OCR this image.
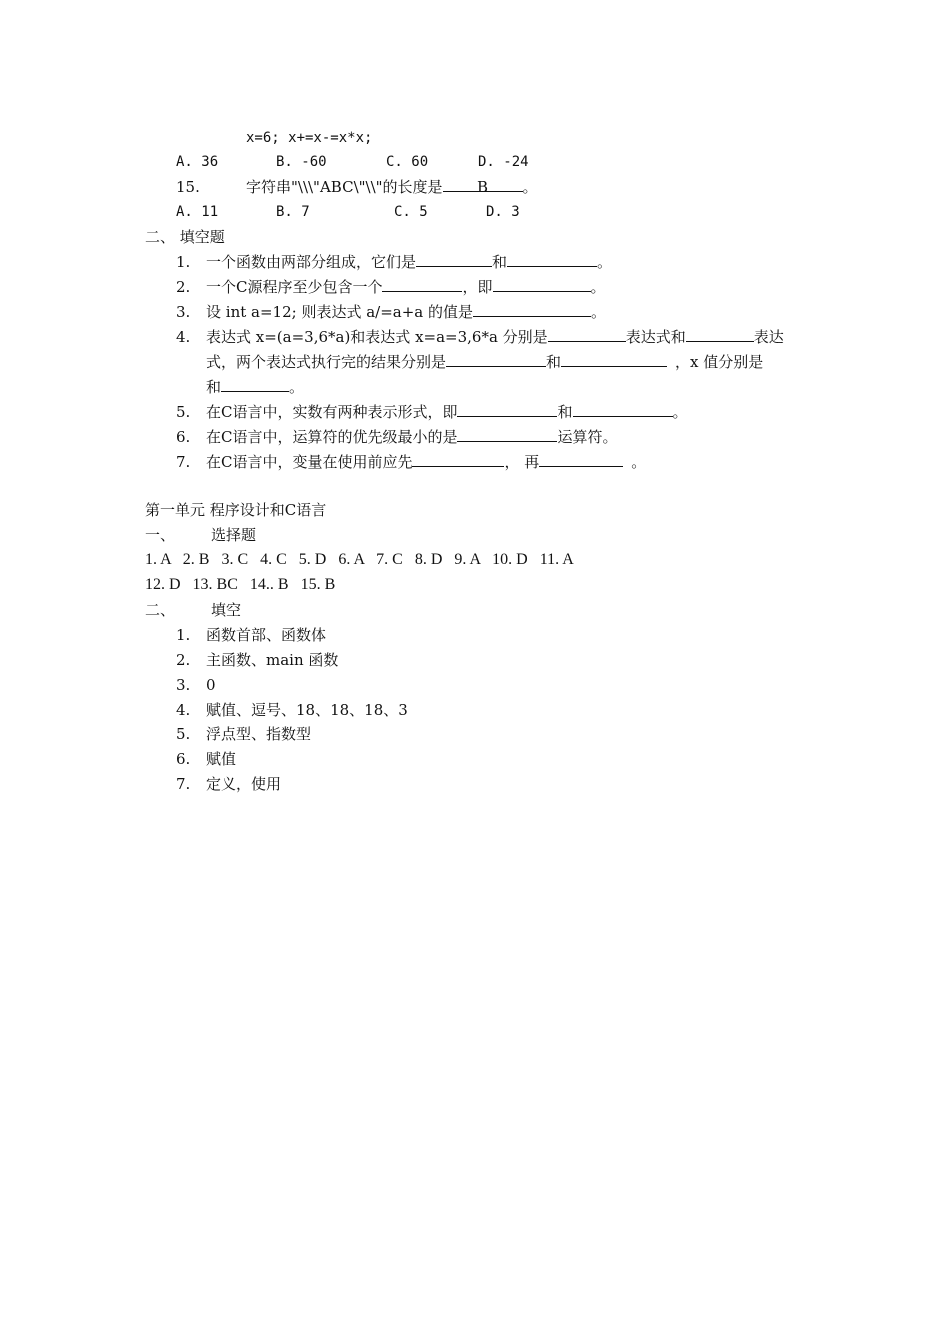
x=6; x+=x-=x*x;
A. 36	B. -60	C. 60	D. -24
15.	字符串"\\\"ABC\"\\"的长度是 B 。
A. 11	B. 7	C. 5	D. 3
二、 填空题
1. 一个函数由两部分组成，它们是	和	。
2. 一个C源程序至少包含一个	，即	。
3. 设 int a=12; 则表达式 a/=a+a 的值是	。
4. 表达式 x=(a=3,6*a)和表达式 x=a=3,6*a 分别是	表达式和	表达
式，两个表达式执行完的结果分别是	和	，x 值分别是
和	。
5. 在C语言中，实数有两种表示形式，即	和	。
6. 在C语言中，运算符的优先级最小的是	运算符。
7. 在C语言中，变量在使用前应先	， 再	。
第一单元 程序设计和C语言
一、 选择题
1. A   2. B   3. C   4. C   5. D   6. A   7. C   8. D   9. A   10. D   11. A
12. D   13. BC   14.. B   15. B
二、 填空
1. 函数首部、函数体
2. 主函数、main 函数
3. 0
4. 赋值、逗号、18、18、18、3
5. 浮点型、指数型
6. 赋值
7. 定义，使用
